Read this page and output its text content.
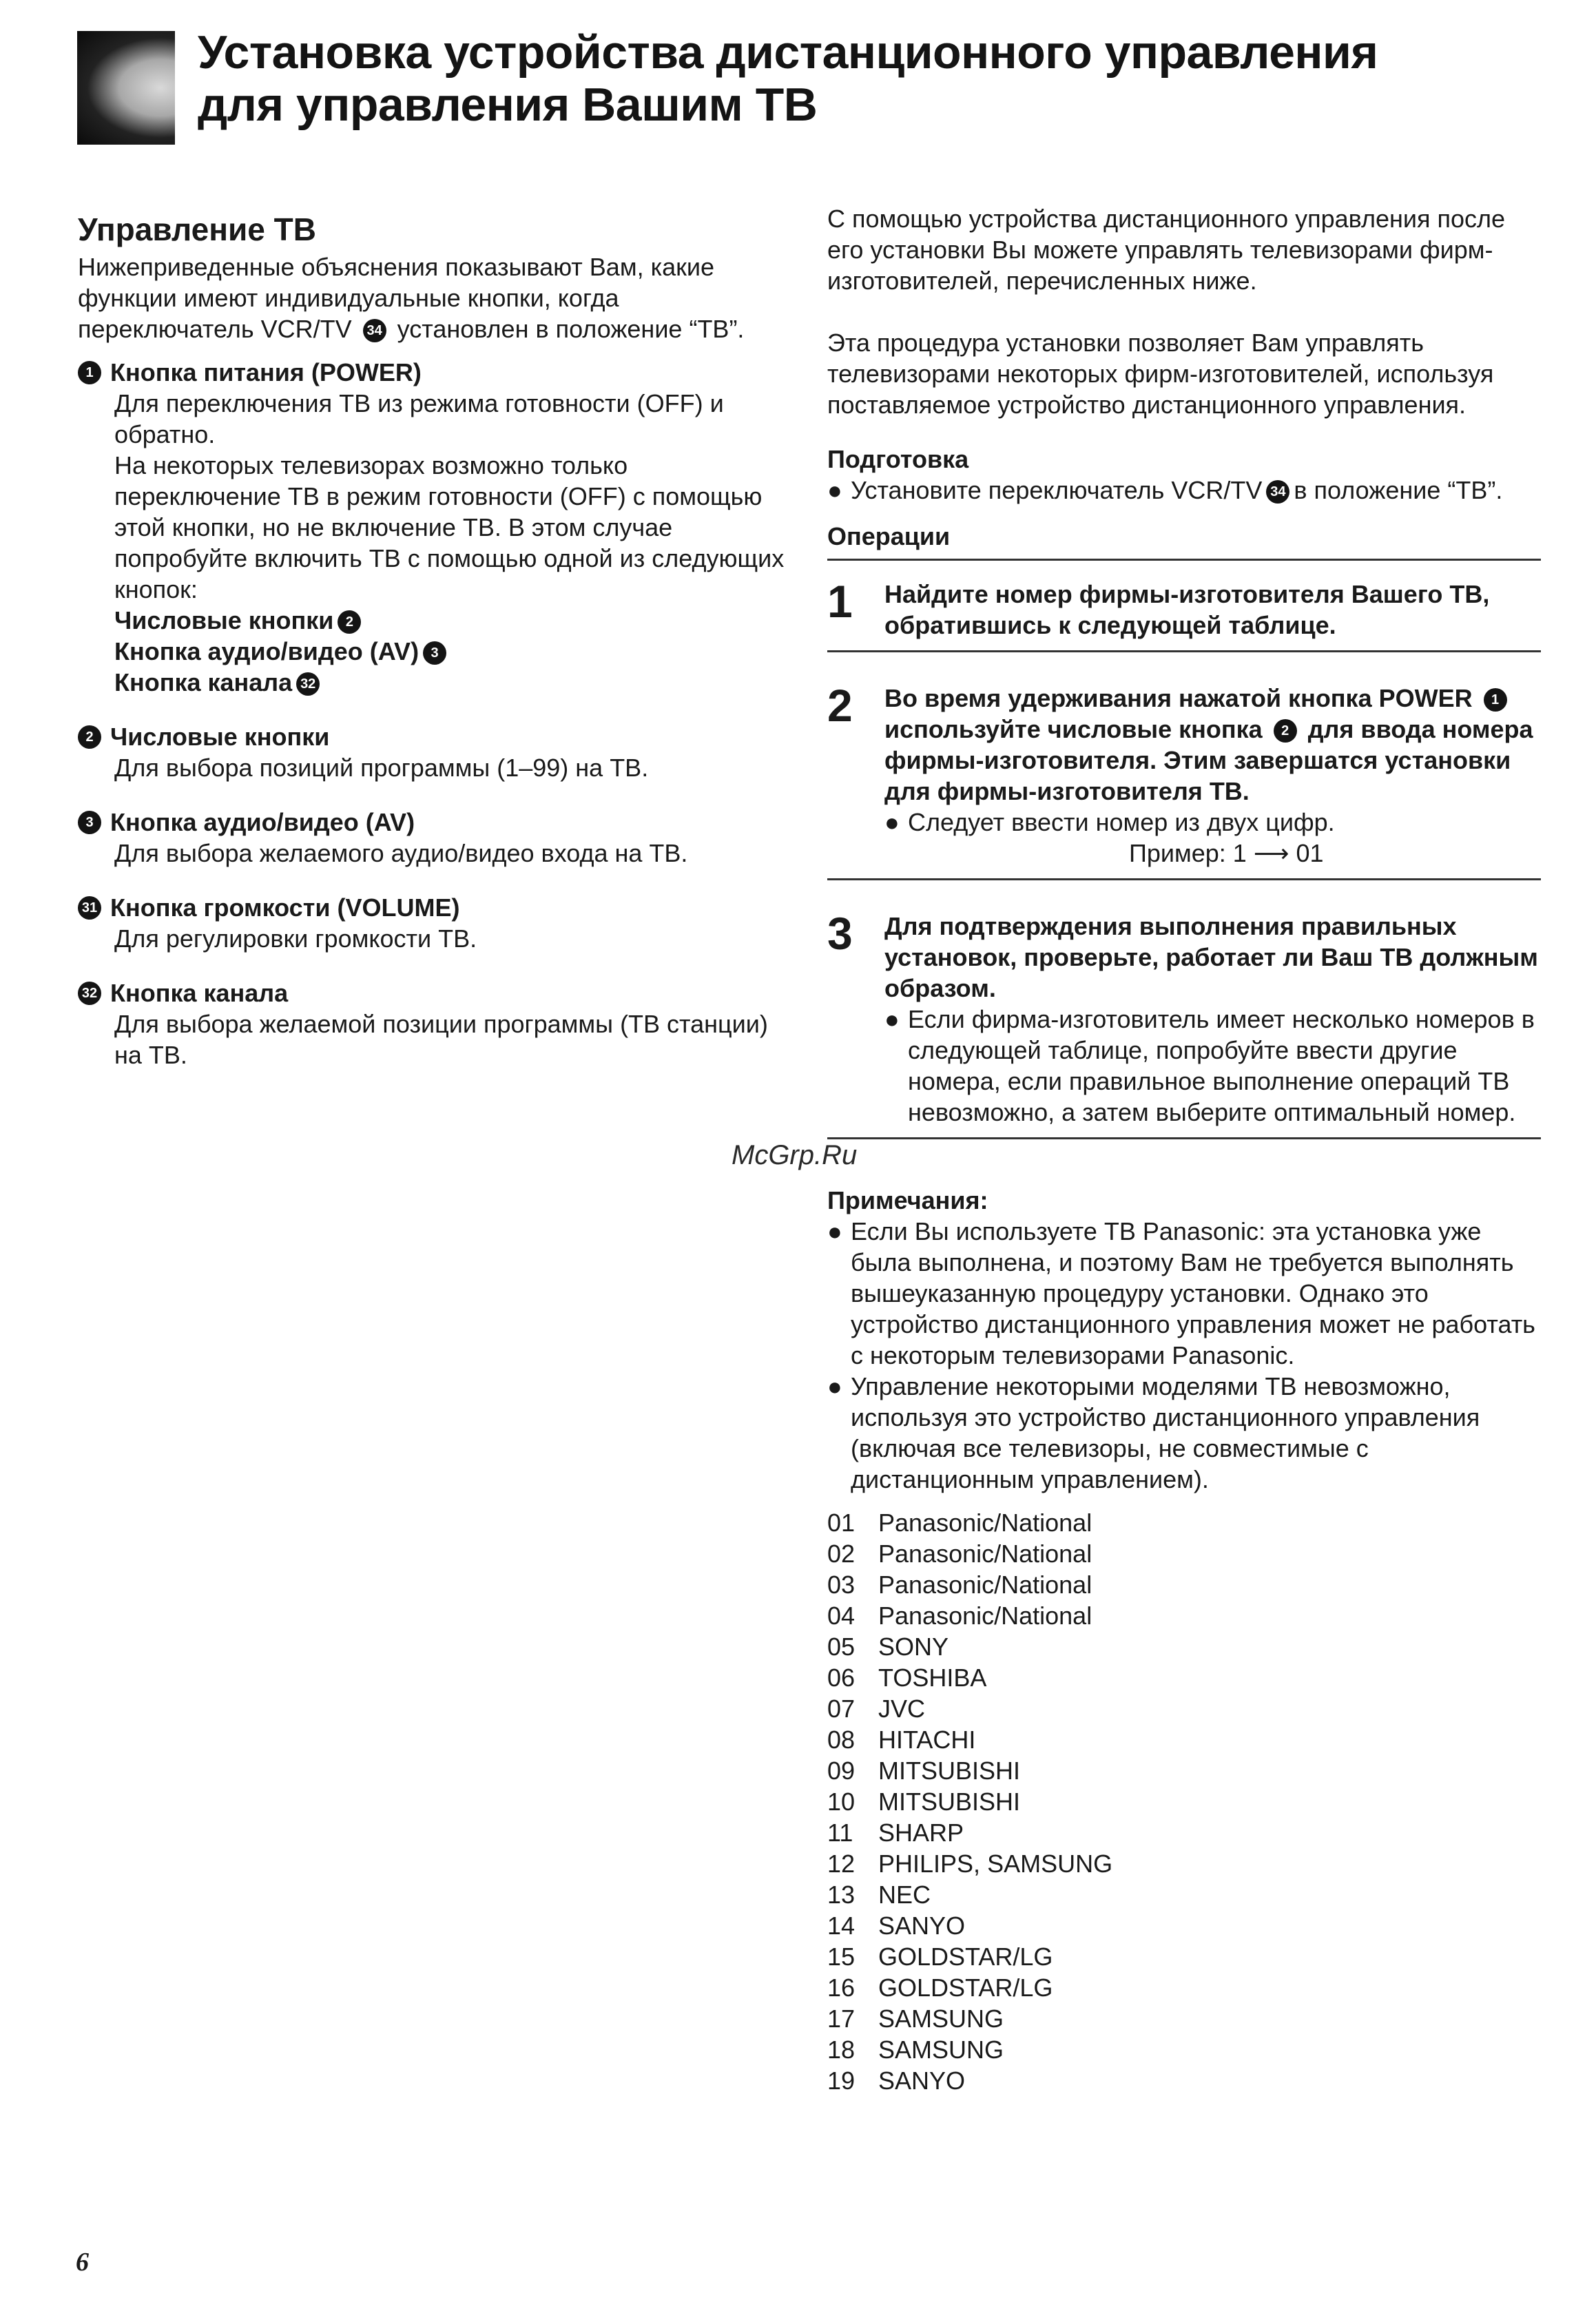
Установка устройства дистанционного управления
для управления Вашим ТВ
Управление ТВ

Нижеприведенные объяснения показывают Вам, какие функции имеют индивидуальные кнопки, когда переключатель VCR/TV 34 установлен в положение “TB”.

1 Кнопка питания (POWER)

Для переключения ТВ из режима готовности (OFF) и обратно.

На некоторых телевизорах возможно только переключение ТВ в режим готовности (OFF) с помощью этой кнопки, но не включение ТВ. В этом случае попробуйте включить ТВ с помощью одной из следующих кнопок:

Числовые кнопки 2

Кнопка аудио/видео (AV) 3

Кнопка канала 32

2 Числовые кнопки

Для выбора позиций программы (1–99) на ТВ.

3 Кнопка аудио/видео (AV)

Для выбора желаемого аудио/видео входа на ТВ.

31 Кнопка громкости (VOLUME)

Для регулировки громкости ТВ.

32 Кнопка канала

Для выбора желаемой позиции программы (ТВ станции) на ТВ.

С помощью устройства дистанционного управления после его установки Вы можете управлять телевизорами фирм-изготовителей, перечисленных ниже.

Эта процедура установки позволяет Вам управлять телевизорами некоторых фирм-изготовителей, используя поставляемое устройство дистанционного управления.

Подготовка

● Установите переключатель VCR/TV 34 в положение “TB”.

Операции

1	Найдите номер фирмы-изготовителя Вашего ТВ, обратившись к следующей таблице.
2	Во время удерживания нажатой кнопка POWER 1 используйте числовые кнопка 2 для ввода номера фирмы-изготовителя. Этим завершатся установки для фирмы-изготовителя ТВ.
● Следует ввести номер из двух цифр.
Пример: 1 ⟶ 01
3	Для подтверждения выполнения правильных установок, проверьте, работает ли Ваш ТВ должным образом.
● Если фирма-изготовитель имеет несколько номеров в следующей таблице, попробуйте ввести другие номера, если правильное выполнение операций ТВ невозможно, а затем выберите оптимальный номер.

Примечания:

● Если Вы используете ТВ Panasonic: эта установка уже была выполнена, и поэтому Вам не требуется выполнять вышеуказанную процедуру установки. Однако это устройство дистанционного управления может не работать с некоторым телевизорами Panasonic.
● Управление некоторыми моделями ТВ невозможно, используя это устройство дистанционного управления (включая все телевизоры, не совместимые с дистанционным управлением).
01 Panasonic/National
02 Panasonic/National
03 Panasonic/National
04 Panasonic/National
05 SONY
06 TOSHIBA
07 JVC
08 HITACHI
09 MITSUBISHI
10 MITSUBISHI
11	SHARP
12 PHILIPS, SAMSUNG
13 NEC
14 SANYO
15 GOLDSTAR/LG
16 GOLDSTAR/LG
17 SAMSUNG
18 SAMSUNG
19 SANYO
McGrp.Ru
6
